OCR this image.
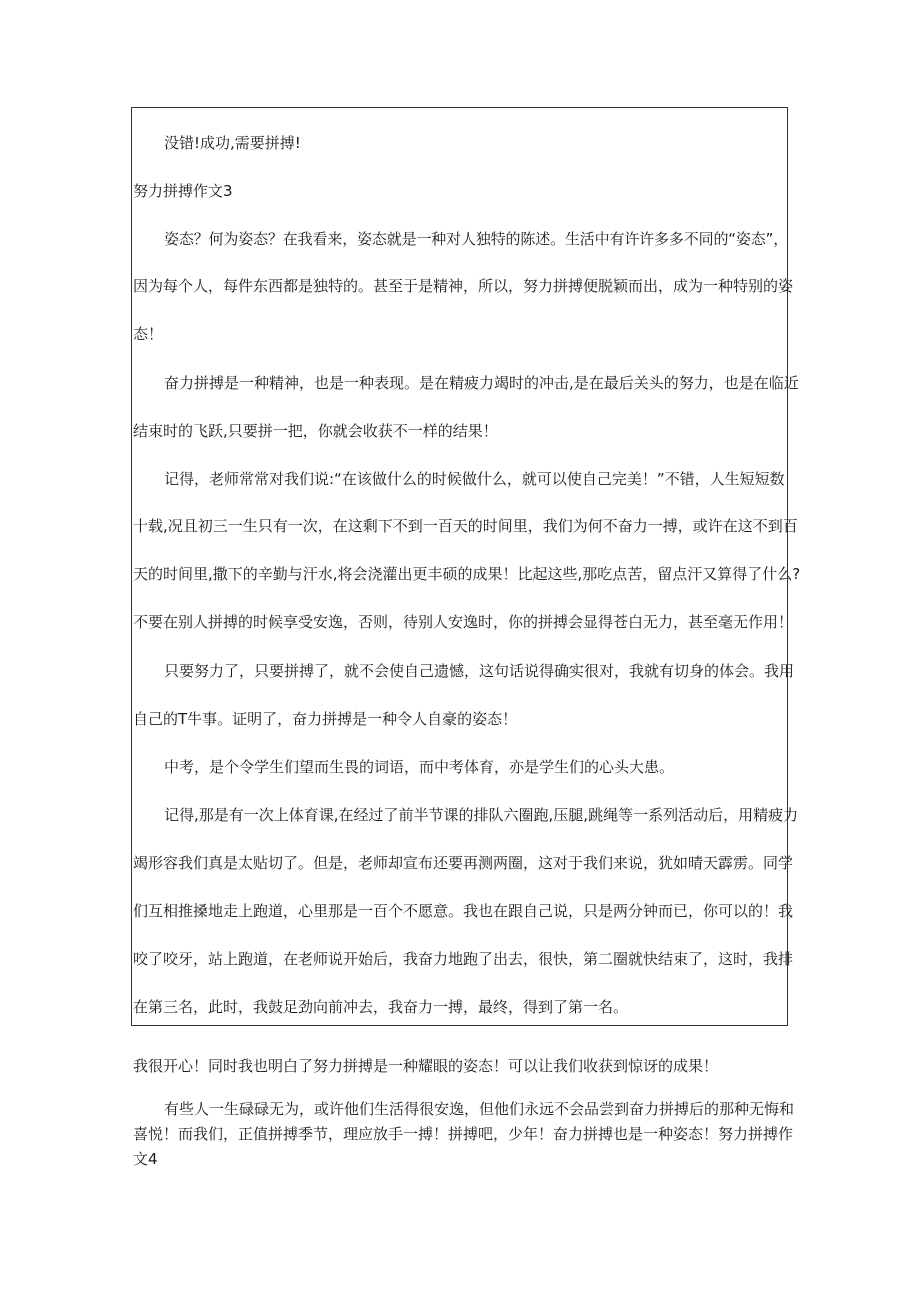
没错!成功,需要拼搏!
努力拼搏作文3
姿态？何为姿态？在我看来，姿态就是一种对人独特的陈述。生活中有许许多多不同的“姿态”，
因为每个人，每件东西都是独特的。甚至于是精神，所以，努力拼搏便脱颖而出，成为一种特别的姿
态！
奋力拼搏是一种精神，也是一种表现。是在精疲力竭时的冲击,是在最后关头的努力，也是在临近
结束时的飞跃,只要拼一把，你就会收获不一样的结果！
记得，老师常常对我们说:“在该做什么的时候做什么，就可以使自己完美！”不错，人生短短数
十载,况且初三一生只有一次，在这剩下不到一百天的时间里，我们为何不奋力一搏，或许在这不到百
天的时间里,撒下的辛勤与汗水,将会浇灌出更丰硕的成果！比起这些,那吃点苦，留点汗又算得了什么?
不要在别人拼搏的时候享受安逸，否则，待别人安逸时，你的拼搏会显得苍白无力，甚至毫无作用！
只要努力了，只要拼搏了，就不会使自己遗憾，这句话说得确实很对，我就有切身的体会。我用
自己的T牛事。证明了，奋力拼搏是一种令人自豪的姿态！
中考，是个令学生们望而生畏的词语，而中考体育，亦是学生们的心头大患。
记得,那是有一次上体育课,在经过了前半节课的排队六圈跑,压腿,跳绳等一系列活动后，用精疲力
竭形容我们真是太贴切了。但是，老师却宣布还要再测两圈，这对于我们来说，犹如晴天霹雳。同学
们互相推搡地走上跑道，心里那是一百个不愿意。我也在跟自己说，只是两分钟而已，你可以的！我
咬了咬牙，站上跑道，在老师说开始后，我奋力地跑了出去，很快，第二圈就快结束了，这时，我排
在第三名，此时，我鼓足劲向前冲去，我奋力一搏，最终，得到了第一名。
我很开心！同时我也明白了努力拼搏是一种耀眼的姿态！可以让我们收获到惊讶的成果！
有些人一生碌碌无为，或许他们生活得很安逸，但他们永远不会品尝到奋力拼搏后的那种无悔和
喜悦！而我们，正值拼搏季节，理应放手一搏！拼搏吧，少年！奋力拼搏也是一种姿态！努力拼搏作
文4
